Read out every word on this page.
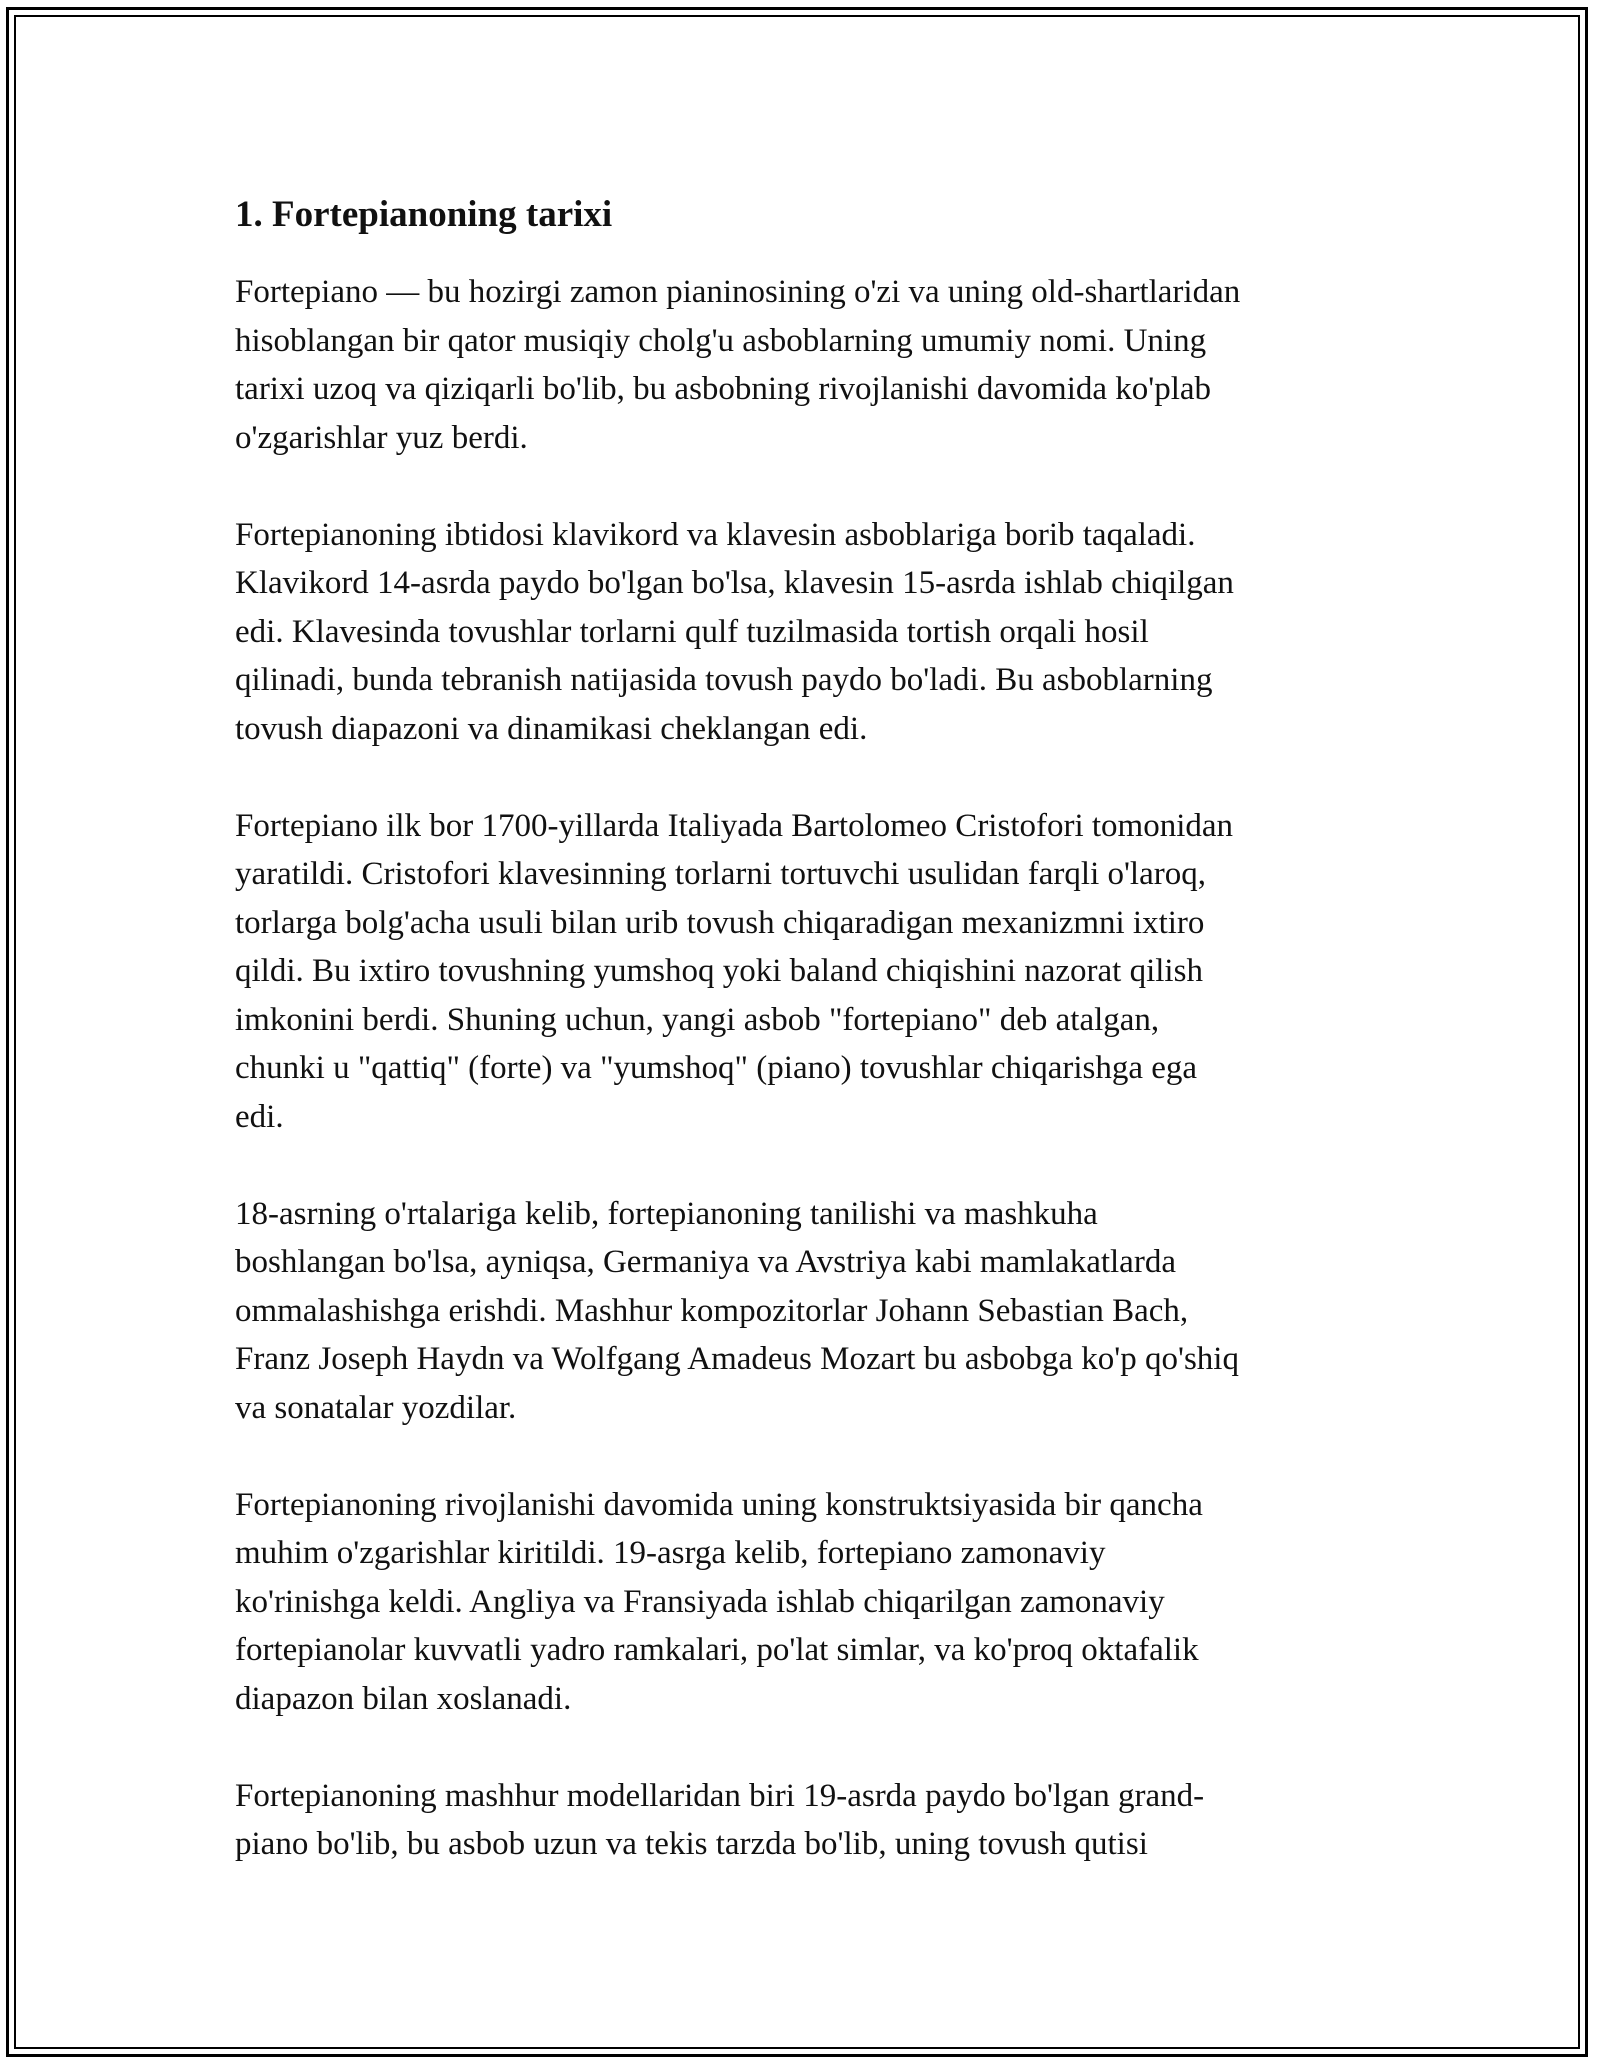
1. Fortepianoning tarixi

Fortepiano — bu hozirgi zamon pianinosining o'zi va uning old-shartlaridan
hisoblangan bir qator musiqiy cholg'u asboblarning umumiy nomi. Uning
tarixi uzoq va qiziqarli bo'lib, bu asbobning rivojlanishi davomida ko'plab
o'zgarishlar yuz berdi.

Fortepianoning ibtidosi klavikord va klavesin asboblariga borib taqaladi.
Klavikord 14-asrda paydo bo'lgan bo'lsa, klavesin 15-asrda ishlab chiqilgan
edi. Klavesinda tovushlar torlarni qulf tuzilmasida tortish orqali hosil
qilinadi, bunda tebranish natijasida tovush paydo bo'ladi. Bu asboblarning
tovush diapazoni va dinamikasi cheklangan edi.

Fortepiano ilk bor 1700-yillarda Italiyada Bartolomeo Cristofori tomonidan
yaratildi. Cristofori klavesinning torlarni tortuvchi usulidan farqli o'laroq,
torlarga bolg'acha usuli bilan urib tovush chiqaradigan mexanizmni ixtiro
qildi. Bu ixtiro tovushning yumshoq yoki baland chiqishini nazorat qilish
imkonini berdi. Shuning uchun, yangi asbob "fortepiano" deb atalgan,
chunki u "qattiq" (forte) va "yumshoq" (piano) tovushlar chiqarishga ega
edi.

18-asrning o'rtalariga kelib, fortepianoning tanilishi va mashkuha
boshlangan bo'lsa, ayniqsa, Germaniya va Avstriya kabi mamlakatlarda
ommalashishga erishdi. Mashhur kompozitorlar Johann Sebastian Bach,
Franz Joseph Haydn va Wolfgang Amadeus Mozart bu asbobga ko'p qo'shiq
va sonatalar yozdilar.

Fortepianoning rivojlanishi davomida uning konstruktsiyasida bir qancha
muhim o'zgarishlar kiritildi. 19-asrga kelib, fortepiano zamonaviy
ko'rinishga keldi. Angliya va Fransiyada ishlab chiqarilgan zamonaviy
fortepianolar kuvvatli yadro ramkalari, po'lat simlar, va ko'proq oktafalik
diapazon bilan xoslanadi.

Fortepianoning mashhur modellaridan biri 19-asrda paydo bo'lgan grand-
piano bo'lib, bu asbob uzun va tekis tarzda bo'lib, uning tovush qutisi
